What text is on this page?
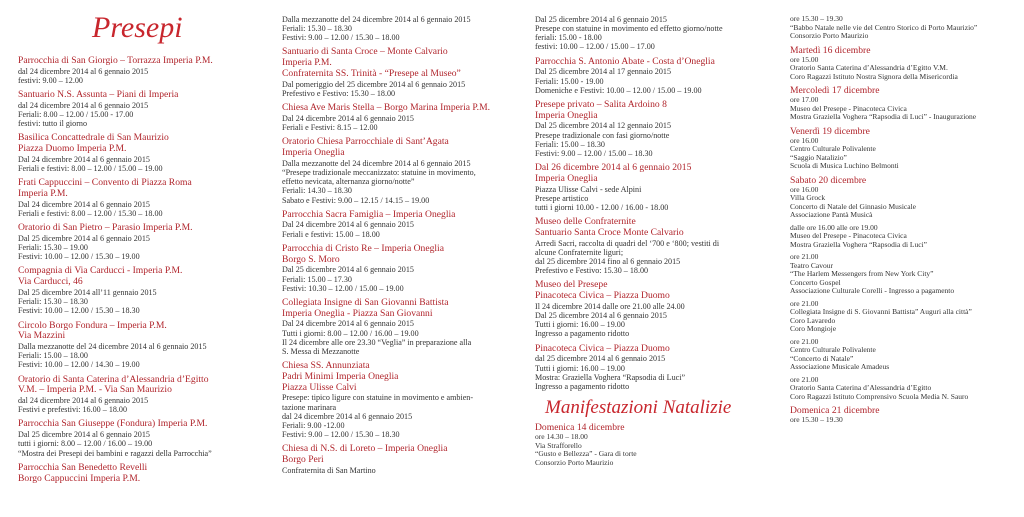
Presepi
Parrocchia di San Giorgio – Torrazza Imperia P.M.
dal 24 dicembre 2014 al 6 gennaio 2015
festivi: 9.00 – 12.00
Santuario N.S. Assunta – Piani di Imperia
dal 24 dicembre 2014 al 6 gennaio 2015
Feriali: 8.00 – 12.00 / 15.00 - 17.00
festivi: tutto il giorno
Basilica Concattedrale di San Maurizio
Piazza Duomo Imperia P.M.
Dal 24 dicembre 2014 al 6 gennaio 2015
Feriali e festivi: 8.00 – 12.00 / 15.00 – 19.00
Frati Cappuccini – Convento di Piazza Roma
Imperia P.M.
Dal 24 dicembre 2014 al 6 gennaio 2015
Feriali e festivi: 8.00 – 12.00 / 15.30 – 18.00
Oratorio di San Pietro – Parasio Imperia P.M.
Dal 25 dicembre 2014 al 6 gennaio 2015
Feriali: 15.30 – 19.00
Festivi: 10.00 – 12.00 / 15.30 – 19.00
Compagnia di Via Carducci - Imperia P.M.
Via Carducci, 46
Dal 25 dicembre 2014 all’11 gennaio 2015
Feriali: 15.30 – 18.30
Festivi: 10.00 – 12.00 / 15.30 – 18.30
Circolo Borgo Fondura – Imperia P.M.
Via Mazzini
Dalla mezzanotte del 24 dicembre 2014 al 6 gennaio 2015
Feriali: 15.00 – 18.00
Festivi: 10.00 – 12.00 / 14.30 – 19.00
Oratorio di Santa Caterina d’Alessandria d’Egitto
V.M. – Imperia P.M. - Via San Maurizio
dal 24 dicembre 2014 al 6 gennaio 2015
Festivi e prefestivi: 16.00 – 18.00
Parrocchia San Giuseppe (Fondura) Imperia P.M.
Dal 25 dicembre 2014 al 6 gennaio 2015
tutti i giorni: 8.00 – 12.00 / 16.00 – 19.00
“Mostra dei Presepi dei bambini e ragazzi della Parrocchia”
Parrocchia San Benedetto Revelli
Borgo Cappuccini Imperia P.M.
Dalla mezzanotte del 24 dicembre 2014 al 6 gennaio 2015
Feriali: 15.30 – 18.30
Festivi: 9.00 – 12.00 / 15.30 – 18.00
Santuario di Santa Croce – Monte Calvario
Imperia P.M.
Confraternita SS. Trinità - “Presepe al Museo”
Dal pomeriggio del 25 dicembre 2014 al 6 gennaio 2015
Prefestivo e Festivo: 15.30 – 18.00
Chiesa Ave Maris Stella – Borgo Marina Imperia P.M.
Dal 24 dicembre 2014 al 6 gennaio 2015
Feriali e Festivi: 8.15 – 12.00
Oratorio Chiesa Parrocchiale di Sant’Agata
Imperia Oneglia
Dalla mezzanotte del 24 dicembre 2014 al 6 gennaio 2015
“Presepe tradizionale meccanizzato: statuine in movimento,
effetto nevicata, alternanza giorno/notte”
Feriali: 14.30 – 18.30
Sabato e Festivi: 9.00 – 12.15 / 14.15 – 19.00
Parrocchia Sacra Famiglia – Imperia Oneglia
Dal 24 dicembre 2014 al 6 gennaio 2015
Feriali e festivi: 15.00 – 18.00
Parrocchia di Cristo Re – Imperia Oneglia
Borgo S. Moro
Dal 25 dicembre 2014 al 6 gennaio 2015
Feriali: 15.00 – 17.30
Festivi: 10.30 – 12.00 / 15.00 – 19.00
Collegiata Insigne di San Giovanni Battista
Imperia Oneglia - Piazza San Giovanni
Dal 24 dicembre 2014 al 6 gennaio 2015
Tutti i giorni: 8.00 – 12.00 / 16.00 – 19.00
Il 24 dicembre alle ore 23.30 “Veglia” in preparazione alla
S. Messa di Mezzanotte
Chiesa SS. Annunziata
Padri Minimi Imperia Oneglia
Piazza Ulisse Calvi
Presepe: tipico ligure con statuine in movimento e ambien-
tazione marinara
dal 24 dicembre 2014 al 6 gennaio 2015
Feriali: 9.00 -12.00
Festivi: 9.00 – 12.00 / 15.30 – 18.30
Chiesa di N.S. di Loreto – Imperia Oneglia
Borgo Peri
Confraternita di San Martino
Dal 25 dicembre 2014 al 6 gennaio 2015
Presepe con statuine in movimento ed effetto giorno/notte
feriali: 15.00 - 18.00
festivi: 10.00 – 12.00 / 15.00 – 17.00
Parrocchia S. Antonio Abate - Costa d’Oneglia
Dal 25 dicembre 2014 al 17 gennaio 2015
Feriali: 15.00 - 19.00
Domeniche e Festivi: 10.00 – 12.00 / 15.00 – 19.00
Presepe privato – Salita Ardoino 8
Imperia Oneglia
Dal 25 dicembre 2014 al 12 gennaio 2015
Presepe tradizionale con fasi giorno/notte
Feriali: 15.00 – 18.30
Festivi: 9.00 – 12.00 / 15.00 – 18.30
Dal 26 dicembre 2014 al 6 gennaio 2015
Imperia Oneglia
Piazza Ulisse Calvi - sede Alpini
Presepe artistico
tutti i giorni 10.00 - 12.00 / 16.00 - 18.00
Museo delle Confraternite
Santuario Santa Croce Monte Calvario
Arredi Sacri, raccolta di quadri del ‘700 e ‘800; vestiti di
alcune Confraternite liguri;
dal 25 dicembre 2014 fino al 6 gennaio 2015
Prefestivo e Festivo: 15.30 – 18.00
Museo del Presepe
Pinacoteca Civica – Piazza Duomo
Il 24 dicembre 2014 dalle ore 21.00 alle 24.00
Dal 25 dicembre 2014 al 6 gennaio 2015
Tutti i giorni: 16.00 – 19.00
Ingresso a pagamento ridotto
Pinacoteca Civica – Piazza Duomo
dal 25 dicembre 2014 al 6 gennaio 2015
Tutti i giorni: 16.00 – 19.00
Mostra: Graziella Voghera “Rapsodia di Luci”
Ingresso a pagamento ridotto
Manifestazioni Natalizie
Domenica 14 dicembre
ore 14.30 – 18.00
Via Strafforello
“Gusto e Bellezza” - Gara di torte
Consorzio Porto Maurizio
ore 15.30 – 19.30
“Babbo Natale nelle vie del Centro Storico di Porto Maurizio”
Consorzio Porto Maurizio
Martedì 16 dicembre
ore 15.00
Oratorio Santa Caterina d’Alessandria d’Egitto V.M.
Coro Ragazzi Istituto Nostra Signora della Misericordia
Mercoledì 17 dicembre
ore 17.00
Museo del Presepe - Pinacoteca Civica
Mostra Graziella Voghera “Rapsodia di Luci” - Inaugurazione
Venerdì 19 dicembre
ore 16.00
Centro Culturale Polivalente
“Saggio Natalizio”
Scuola di Musica Luchino Belmonti
Sabato 20 dicembre
ore 16.00
Villa Grock
Concerto di Natale del Ginnasio Musicale
Associazione Pantà Musicà
dalle ore 16.00 alle ore 19.00
Museo del Presepe - Pinacoteca Civica
Mostra Graziella Voghera “Rapsodia di Luci”
ore 21.00
Teatro Cavour
“The Harlem Messengers from New York City”
Concerto Gospel
Associazione Culturale Corelli - Ingresso a pagamento
ore 21.00
Collegiata Insigne di S. Giovanni Battista” Auguri alla città”
Coro Lavaredo
Coro Mongioje
ore 21.00
Centro Culturale Polivalente
“Concerto di Natale”
Associazione Musicale Amadeus
ore 21.00
Oratorio Santa Caterina d’Alessandria d’Egitto
Coro Ragazzi Istituto Comprensivo Scuola Media N. Sauro
Domenica 21 dicembre
ore 15.30 – 19.30
